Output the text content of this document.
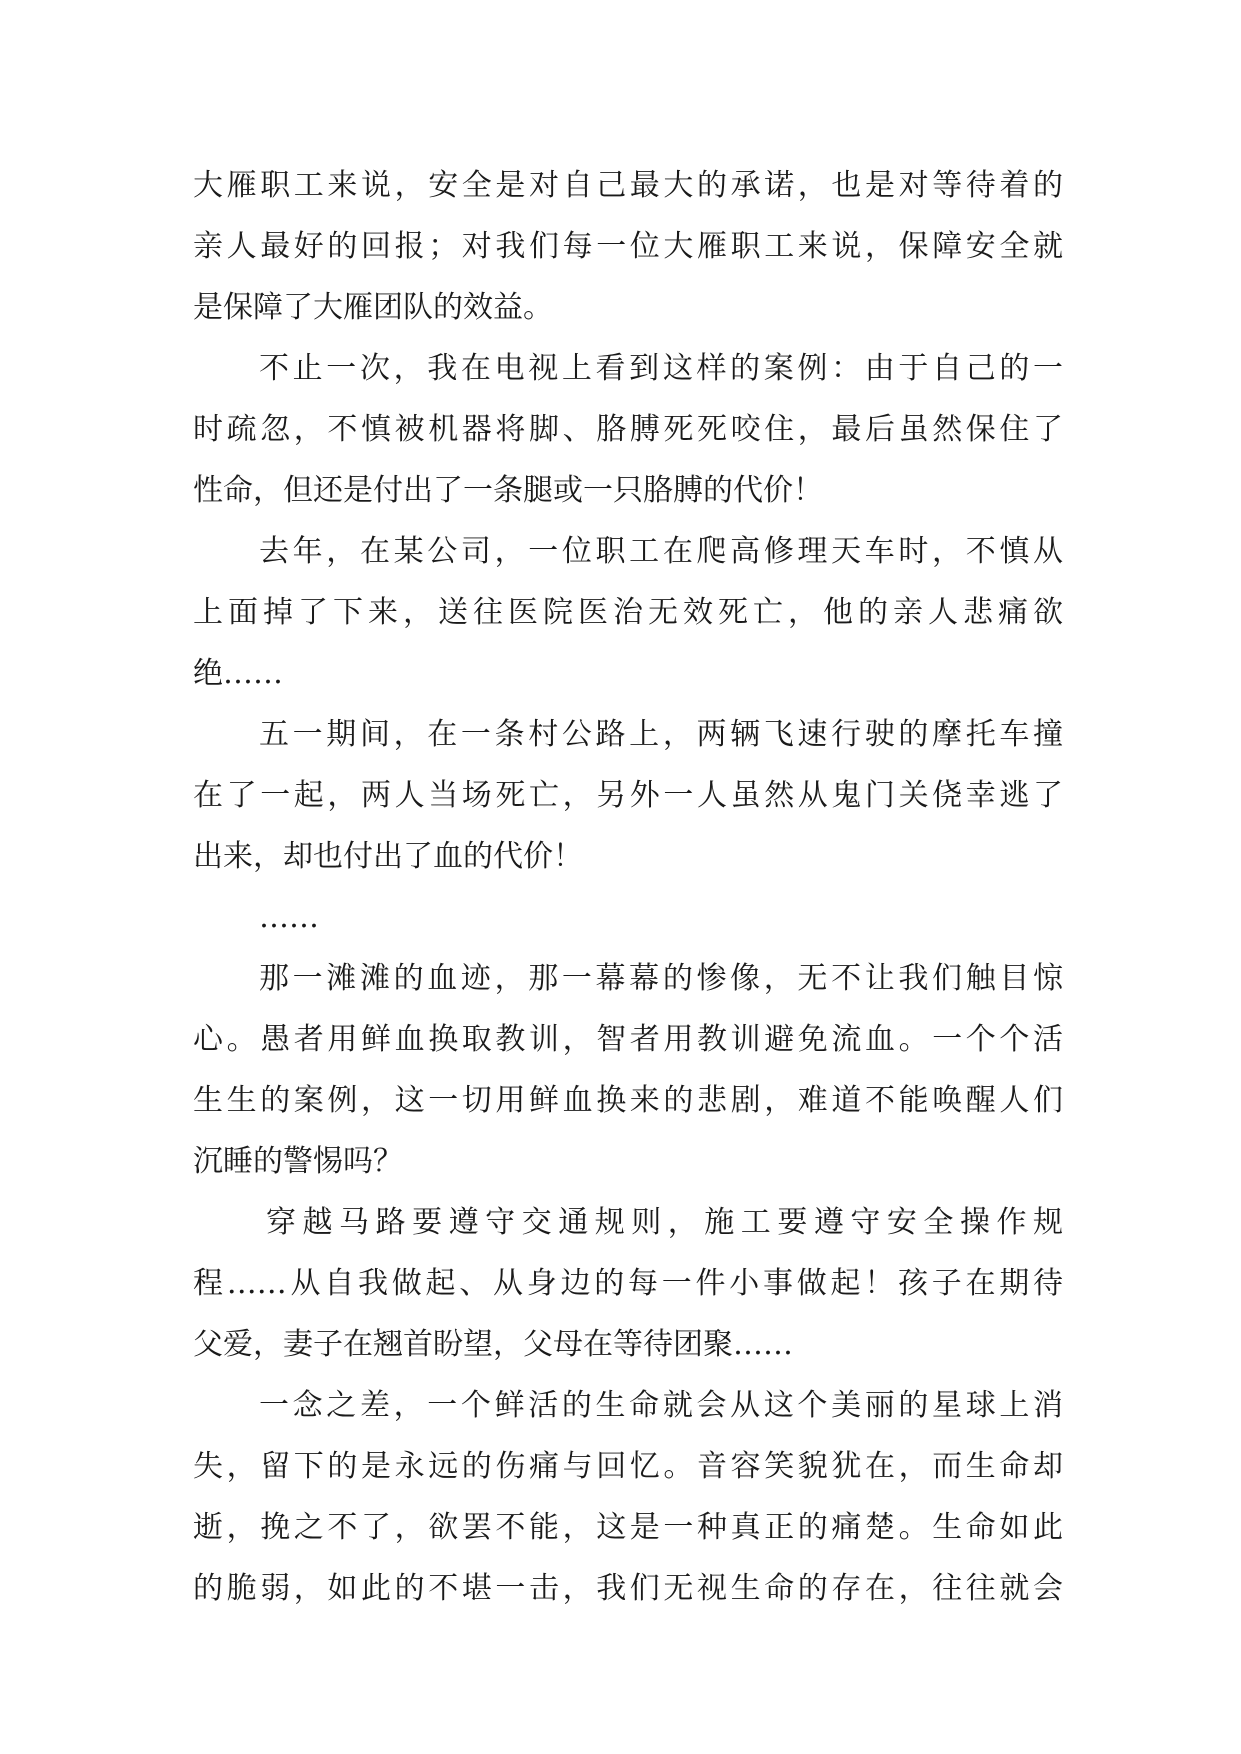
大雁职工来说，安全是对自己最大的承诺，也是对等待着的
亲人最好的回报；对我们每一位大雁职工来说，保障安全就
是保障了大雁团队的效益。
不止一次，我在电视上看到这样的案例：由于自己的一
时疏忽，不慎被机器将脚、胳膊死死咬住，最后虽然保住了
性命，但还是付出了一条腿或一只胳膊的代价！
去年，在某公司，一位职工在爬高修理天车时，不慎从
上面掉了下来，送往医院医治无效死亡，他的亲人悲痛欲
绝……
五一期间，在一条村公路上，两辆飞速行驶的摩托车撞
在了一起，两人当场死亡，另外一人虽然从鬼门关侥幸逃了
出来，却也付出了血的代价！
……
那一滩滩的血迹，那一幕幕的惨像，无不让我们触目惊
心。愚者用鲜血换取教训，智者用教训避免流血。一个个活
生生的案例，这一切用鲜血换来的悲剧，难道不能唤醒人们
沉睡的警惕吗？
穿越马路要遵守交通规则，施工要遵守安全操作规
程……从自我做起、从身边的每一件小事做起！孩子在期待
父爱，妻子在翘首盼望，父母在等待团聚……
一念之差，一个鲜活的生命就会从这个美丽的星球上消
失，留下的是永远的伤痛与回忆。音容笑貌犹在，而生命却
逝，挽之不了，欲罢不能，这是一种真正的痛楚。生命如此
的脆弱，如此的不堪一击，我们无视生命的存在，往往就会
